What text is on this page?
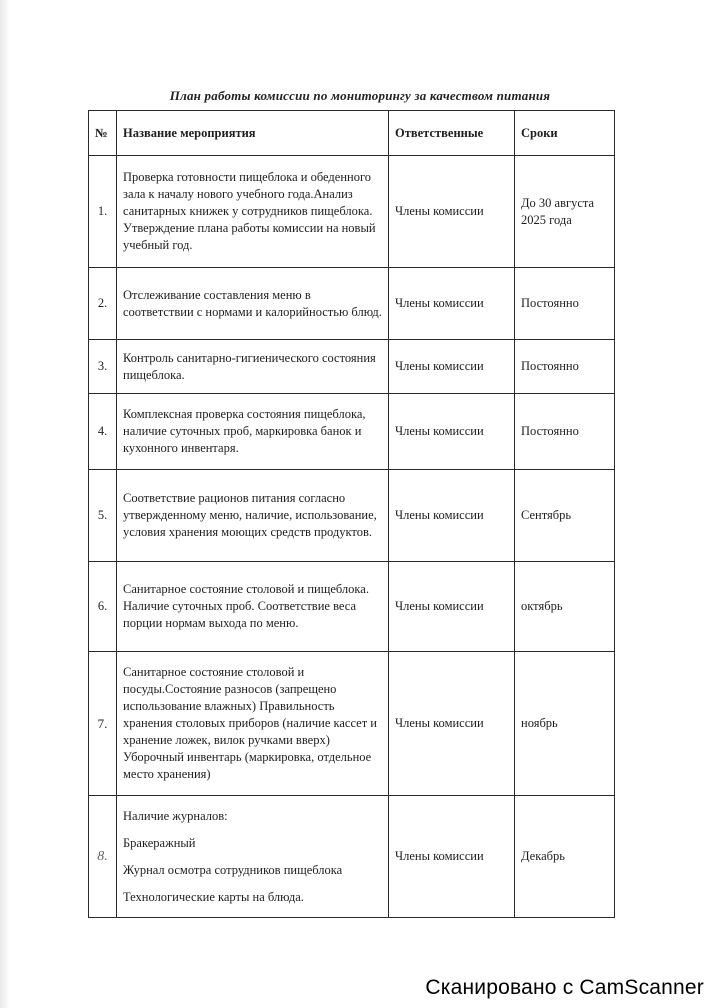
План работы комиссии по мониторингу за качеством питания
№	Название мероприятия	Ответственные	Сроки
1.	Проверка готовности пищеблока и обеденного зала к началу нового учебного года.Анализ санитарных книжек у сотрудников пищеблока. Утверждение плана работы комиссии на новый учебный год.	Члены комиссии	До 30 августа 2025 года
2.	Отслеживание составления меню в соответствии с нормами и калорийностью блюд.	Члены комиссии	Постоянно
3.	Контроль санитарно-гигиенического состояния пищеблока.	Члены комиссии	Постоянно
4.	Комплексная проверка состояния пищеблока, наличие суточных проб, маркировка банок и кухонного инвентаря.	Члены комиссии	Постоянно
5.	Соответствие рационов питания согласно утвержденному меню, наличие, использование, условия хранения моющих средств продуктов.	Члены комиссии	Сентябрь
6.	Санитарное состояние столовой и пищеблока. Наличие суточных проб. Соответствие веса порции нормам выхода по меню.	Члены комиссии	октябрь
7.	Санитарное состояние столовой и посуды.Состояние разносов (запрещено использование влажных) Правильность хранения столовых приборов (наличие кассет и хранение ложек, вилок ручками вверх) Уборочный инвентарь (маркировка, отдельное место хранения)	Члены комиссии	ноябрь
8.	Наличие журналов:
Бракеражный
Журнал осмотра сотрудников пищеблока
Технологические карты на блюда.	Члены комиссии	Декабрь
Сканировано с CamScanner
